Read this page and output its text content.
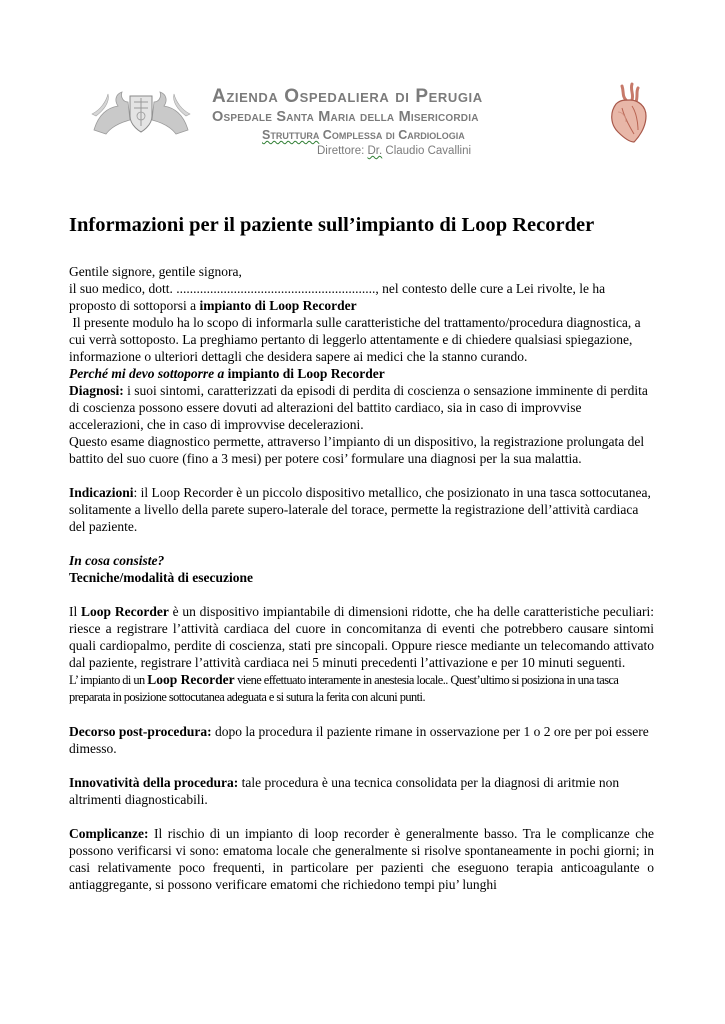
Azienda Ospedaliera di Perugia
Ospedale Santa Maria della Misericordia
Struttura Complessa di Cardiologia
Direttore: Dr. Claudio Cavallini
Informazioni per il paziente sull’impianto di Loop Recorder

Gentile signore, gentile signora,

il suo medico, dott. ..........................................................., nel contesto delle cure a Lei rivolte, le ha proposto di sottoporsi a impianto di Loop Recorder

Il presente modulo ha lo scopo di informarla sulle caratteristiche del trattamento/procedura diagnostica, a cui verrà sottoposto. La preghiamo pertanto di leggerlo attentamente e di chiedere qualsiasi spiegazione, informazione o ulteriori dettagli che desidera sapere ai medici che la stanno curando.

Perché mi devo sottoporre a impianto di Loop Recorder

Diagnosi: i suoi sintomi, caratterizzati da episodi di perdita di coscienza o sensazione imminente di perdita di coscienza possono essere dovuti ad alterazioni del battito cardiaco, sia in caso di improvvise accelerazioni, che in caso di improvvise decelerazioni.

Questo esame diagnostico permette, attraverso l’impianto di un dispositivo, la registrazione prolungata del battito del suo cuore (fino a 3 mesi) per potere cosi’ formulare una diagnosi per la sua malattia.

Indicazioni: il Loop Recorder è un piccolo dispositivo metallico, che posizionato in una tasca sottocutanea, solitamente a livello della parete supero-laterale del torace, permette la registrazione dell’attività cardiaca del paziente.

In cosa consiste?

Tecniche/modalità di esecuzione

Il Loop Recorder è un dispositivo impiantabile di dimensioni ridotte, che ha delle caratteristiche peculiari: riesce a registrare l’attività cardiaca del cuore in concomitanza di eventi che potrebbero causare sintomi quali cardiopalmo, perdite di coscienza, stati pre sincopali. Oppure riesce mediante un telecomando attivato dal paziente, registrare l’attività cardiaca nei 5 minuti precedenti l’attivazione e per 10 minuti seguenti.

L’ impianto di un Loop Recorder viene effettuato interamente in anestesia locale.. Quest’ultimo si posiziona in una tasca preparata in posizione sottocutanea adeguata e si sutura la ferita con alcuni punti.

Decorso post-procedura: dopo la procedura il paziente rimane in osservazione per 1 o 2 ore per poi essere dimesso.

Innovatività della procedura: tale procedura è una tecnica consolidata per la diagnosi di aritmie non altrimenti diagnosticabili.

Complicanze: Il rischio di un impianto di loop recorder è generalmente basso. Tra le complicanze che possono verificarsi vi sono: ematoma locale che generalmente si risolve spontaneamente in pochi giorni; in casi relativamente poco frequenti, in particolare per pazienti che eseguono terapia anticoagulante o antiaggregante, si possono verificare ematomi che richiedono tempi piu’ lunghi
